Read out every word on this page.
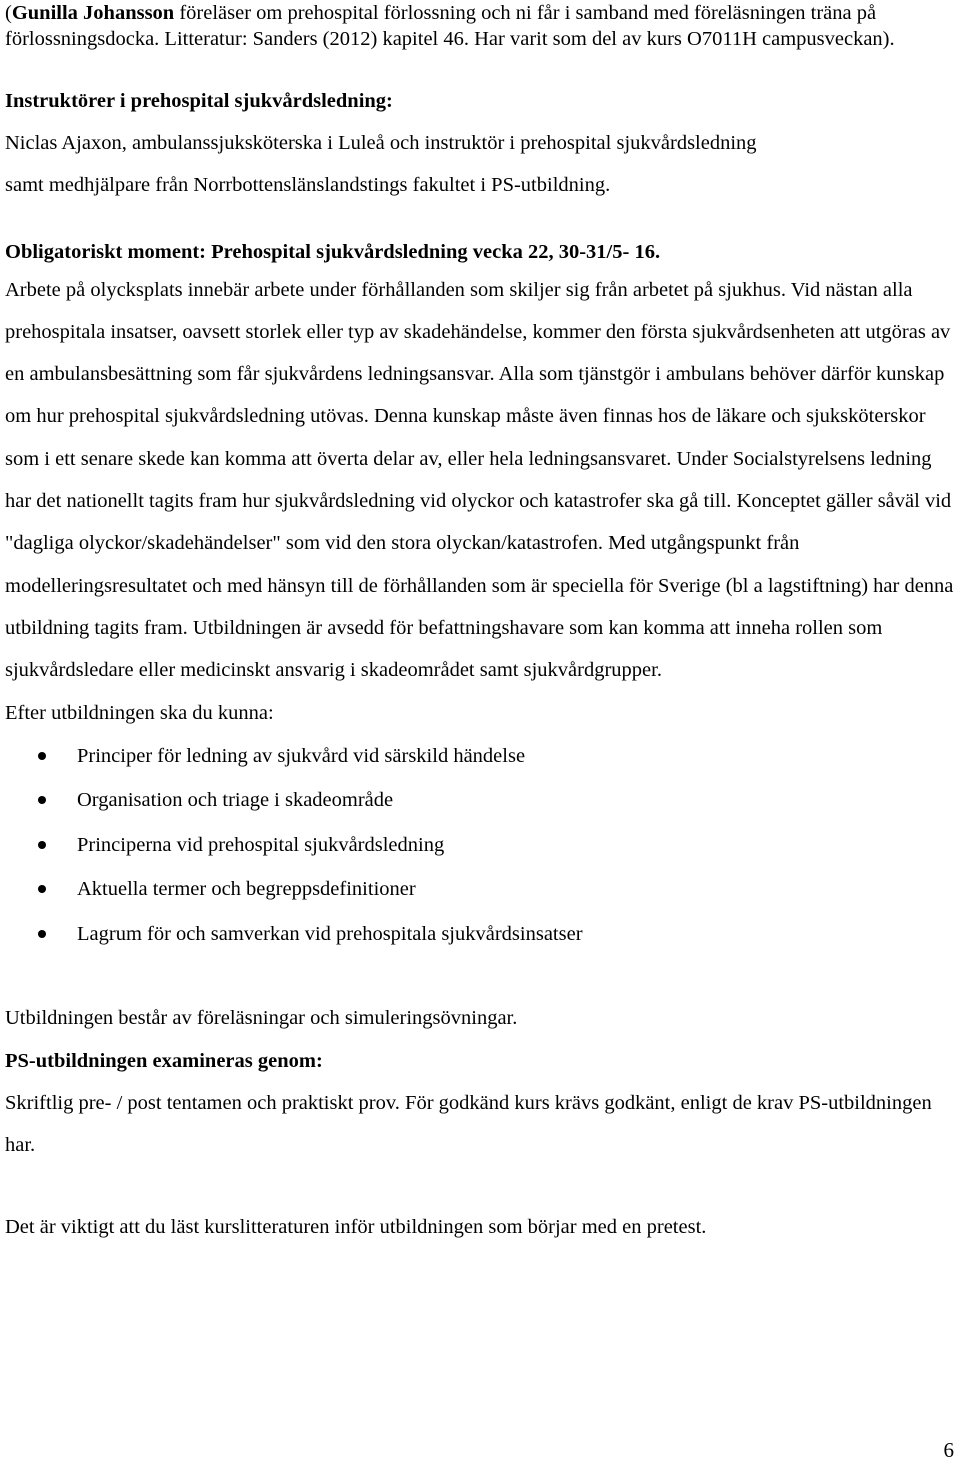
(Gunilla Johansson föreläser om prehospital förlossning och ni får i samband med föreläsningen träna på förlossningsdocka. Litteratur: Sanders (2012) kapitel 46. Har varit som del av kurs O7011H campusveckan).

Instruktörer i prehospital sjukvårdsledning:

Niclas Ajaxon, ambulanssjuksköterska i Luleå och instruktör i prehospital sjukvårdsledning

samt medhjälpare från Norrbottenslänslandstings fakultet i PS-utbildning.

Obligatoriskt moment: Prehospital sjukvårdsledning vecka 22, 30-31/5- 16.

Arbete på olycksplats innebär arbete under förhållanden som skiljer sig från arbetet på sjukhus. Vid nästan alla prehospitala insatser, oavsett storlek eller typ av skadehändelse, kommer den första sjukvårdsenheten att utgöras av en ambulansbesättning som får sjukvårdens ledningsansvar. Alla som tjänstgör i ambulans behöver därför kunskap om hur prehospital sjukvårdsledning utövas. Denna kunskap måste även finnas hos de läkare och sjuksköterskor som i ett senare skede kan komma att överta delar av, eller hela ledningsansvaret. Under Socialstyrelsens ledning har det nationellt tagits fram hur sjukvårdsledning vid olyckor och katastrofer ska gå till. Konceptet gäller såväl vid "dagliga olyckor/skadehändelser" som vid den stora olyckan/katastrofen. Med utgångspunkt från modelleringsresultatet och med hänsyn till de förhållanden som är speciella för Sverige (bl a lagstiftning) har denna utbildning tagits fram. Utbildningen är avsedd för befattningshavare som kan komma att inneha rollen som sjukvårdsledare eller medicinskt ansvarig i skadeområdet samt sjukvårdgrupper.

Efter utbildningen ska du kunna:

Principer för ledning av sjukvård vid särskild händelse
Organisation och triage i skadeområde
Principerna vid prehospital sjukvårdsledning
Aktuella termer och begreppsdefinitioner
Lagrum för och samverkan vid prehospitala sjukvårdsinsatser

Utbildningen består av föreläsningar och simuleringsövningar.

PS-utbildningen examineras genom:

Skriftlig pre- / post tentamen och praktiskt prov. För godkänd kurs krävs godkänt, enligt de krav PS-utbildningen har.

Det är viktigt att du läst kurslitteraturen inför utbildningen som börjar med en pretest.

6
